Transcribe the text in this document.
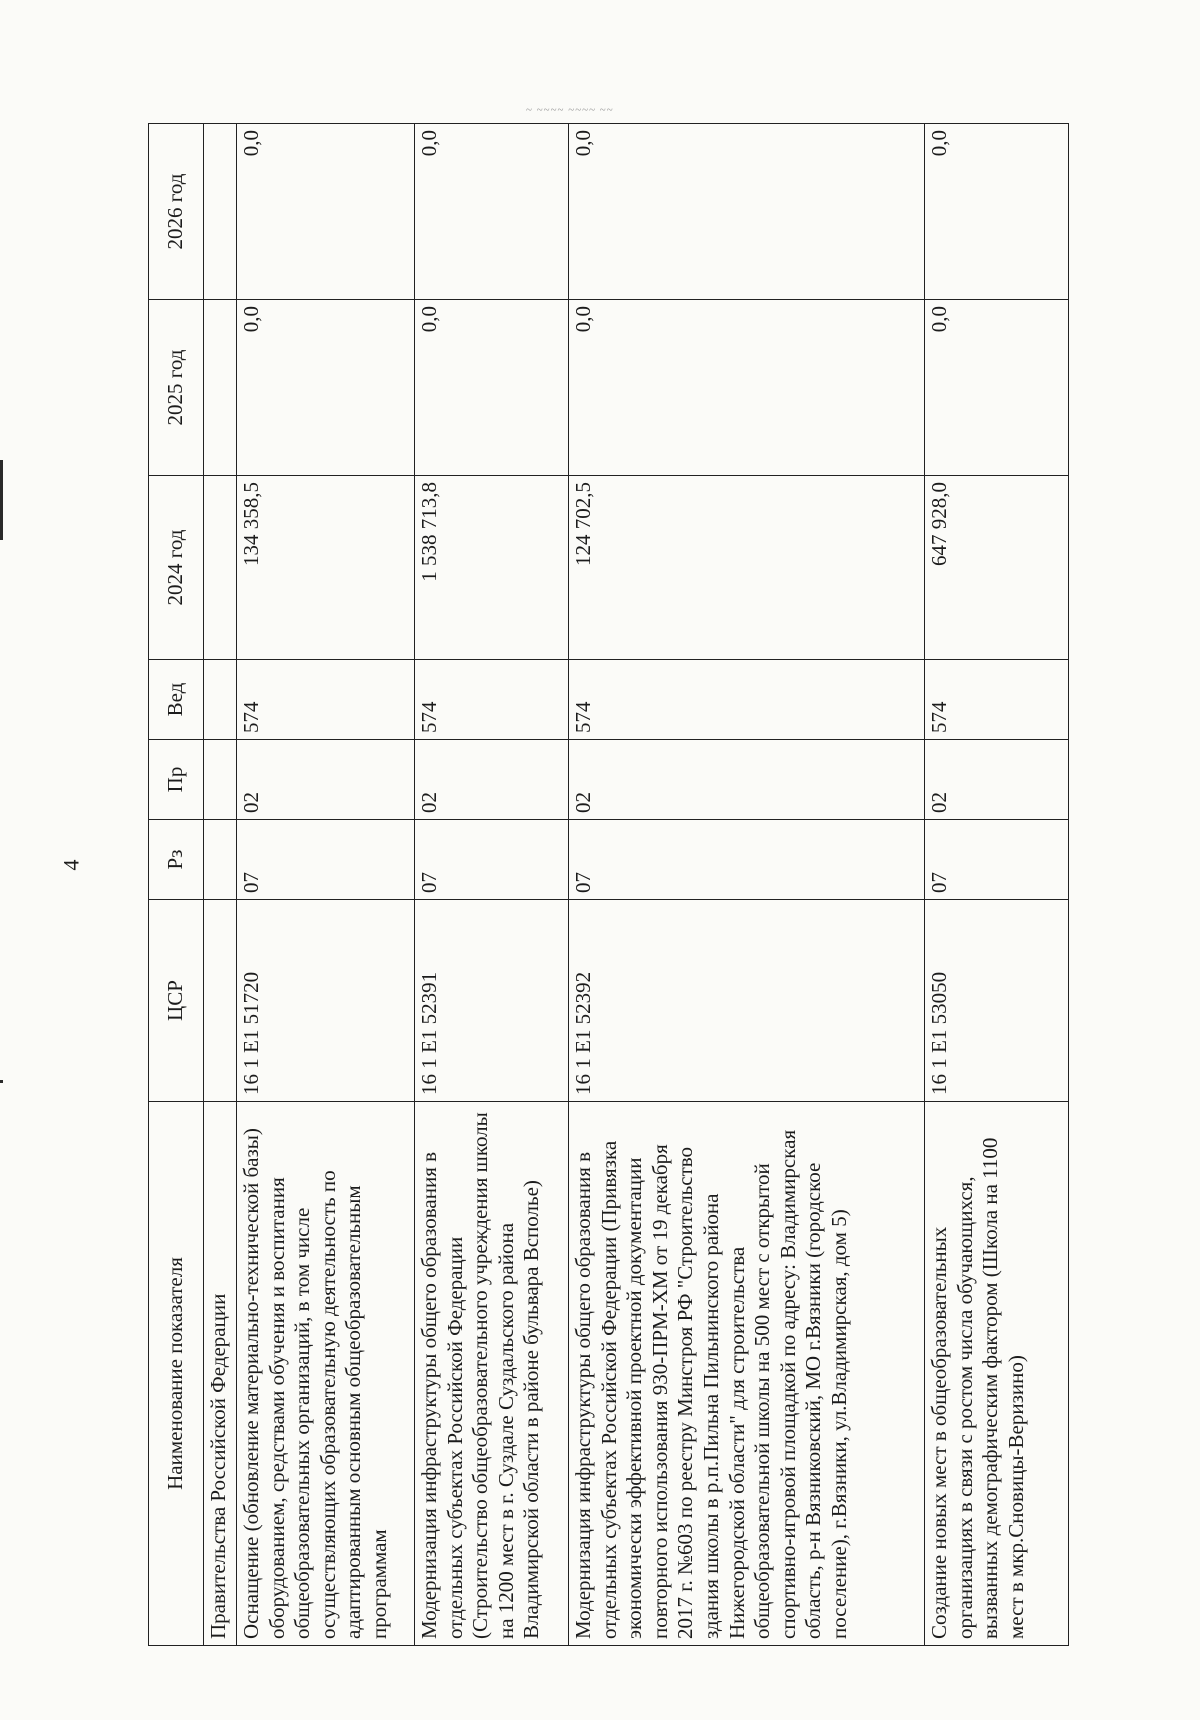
4
~ ~~~~ ~~~~ ~~
Наименование показателя	ЦСР	Рз	Пр	Вед	2024 год	2025 год	2026 год
Правительства Российской Федерации							
Оснащение (обновление материально-технической базы) оборудованием, средствами обучения и воспитания общеобразовательных организаций, в том числе осуществляющих образовательную деятельность по адаптированным основным общеобразовательным программам	16 1 E1 51720	07	02	574	134 358,5	0,0	0,0
Модернизация инфраструктуры общего образования в отдельных субъектах Российской Федерации (Строительство общеобразовательного учреждения школы на 1200 мест в г. Суздале Суздальского района Владимирской области в районе бульвара Всполье)	16 1 E1 52391	07	02	574	1 538 713,8	0,0	0,0
Модернизация инфраструктуры общего образования в отдельных субъектах Российской Федерации (Привязка экономически эффективной проектной документации повторного использования 930-ПРМ-ХМ от 19 декабря 2017 г. №603 по реестру Минстроя РФ "Строительство здания школы в р.п.Пильна Пильнинского района Нижегородской области" для строительства общеобразовательной школы на 500 мест с открытой спортивно-игровой площадкой по адресу: Владимирская область, р-н Вязниковский, МО г.Вязники (городское поселение), г.Вязники, ул.Владимирская, дом 5)	16 1 E1 52392	07	02	574	124 702,5	0,0	0,0
Создание новых мест в общеобразовательных организациях в связи с ростом числа обучающихся, вызванных демографическим фактором (Школа на 1100 мест в мкр.Сновицы-Веризино)	16 1 E1 53050	07	02	574	647 928,0	0,0	0,0
